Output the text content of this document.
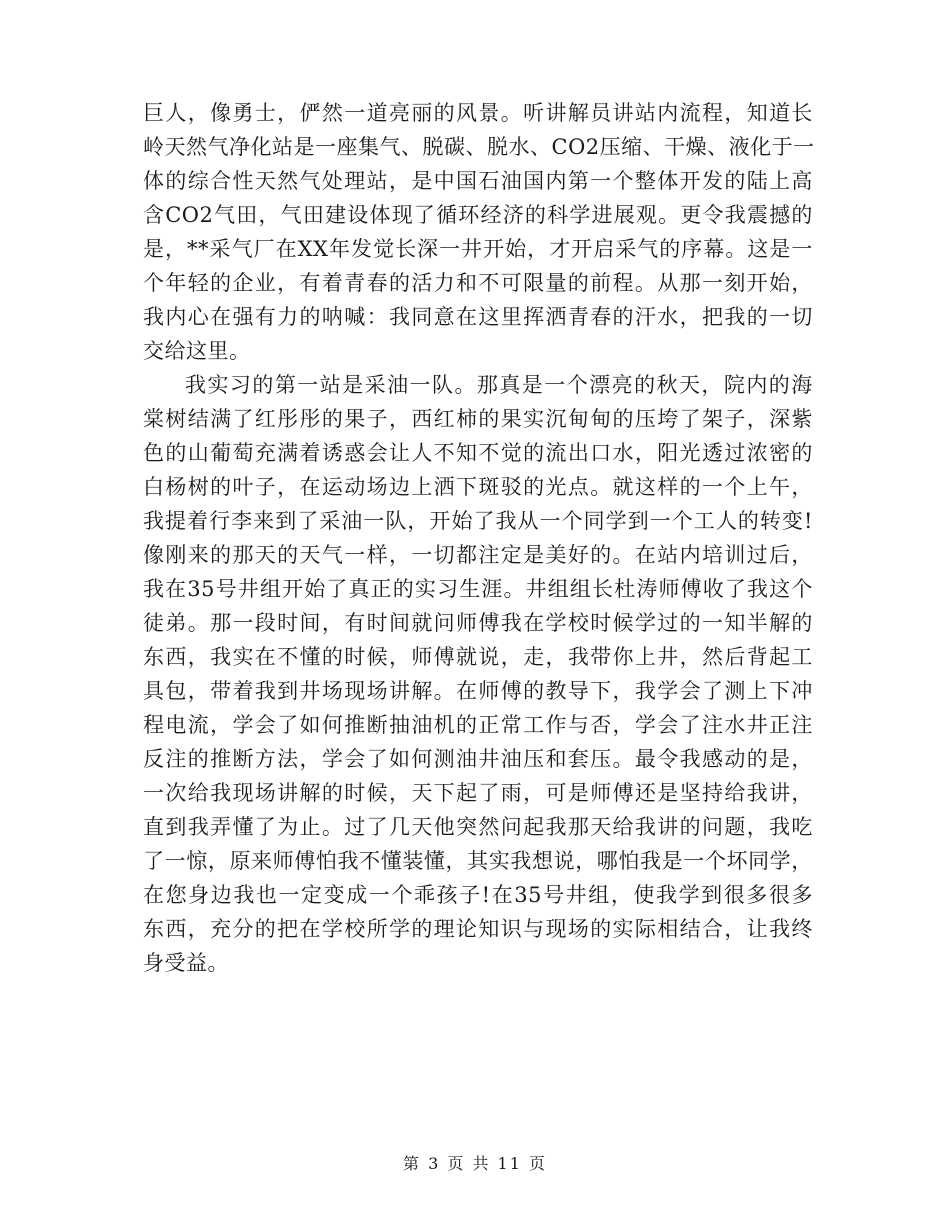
巨 人 ， 像 勇 士 ， 俨 然 一 道 亮 丽 的 风 景 。 听 讲 解 员 讲 站 内 流 程 ， 知 道 长
岭 天 然 气 净 化 站 是 一 座 集 气 、 脱 碳 、 脱 水 、 CO2 压 缩 、 干 燥 、 液 化 于 一
体 的 综 合 性 天 然 气 处 理 站 ， 是 中 国 石 油 国 内 第 一 个 整 体 开 发 的 陆 上 高
含 CO2 气 田 ， 气 田 建 设 体 现 了 循 环 经 济 的 科 学 进 展 观 。 更 令 我 震 撼 的
是 ， ** 采 气 厂 在 XX 年 发 觉 长 深 一 井 开 始 ， 才 开 启 采 气 的 序 幕 。 这 是 一
个 年 轻 的 企 业 ， 有 着 青 春 的 活 力 和 不 可 限 量 的 前 程 。 从 那 一 刻 开 始 ，
我 内 心 在 强 有 力 的 呐 喊 ： 我 同 意 在 这 里 挥 洒 青 春 的 汗 水 ， 把 我 的 一 切
交给这里。
我 实 习 的 第 一 站 是 采 油 一 队 。 那 真 是 一 个 漂 亮 的 秋 天 ， 院 内 的 海
棠 树 结 满 了 红 彤 彤 的 果 子 ， 西 红 柿 的 果 实 沉 甸 甸 的 压 垮 了 架 子 ， 深 紫
色 的 山 葡 萄 充 满 着 诱 惑 会 让 人 不 知 不 觉 的 流 出 口 水 ， 阳 光 透 过 浓 密 的
白 杨 树 的 叶 子 ， 在 运 动 场 边 上 洒 下 斑 驳 的 光 点 。 就 这 样 的 一 个 上 午 ，
我 提 着 行 李 来 到 了 采 油 一 队 ， 开 始 了 我 从 一 个 同 学 到 一 个 工 人 的 转 变 !
像 刚 来 的 那 天 的 天 气 一 样 ， 一 切 都 注 定 是 美 好 的 。 在 站 内 培 训 过 后 ，
我 在 35 号 井 组 开 始 了 真 正 的 实 习 生 涯 。 井 组 组 长 杜 涛 师 傅 收 了 我 这 个
徒 弟 。 那 一 段 时 间 ， 有 时 间 就 问 师 傅 我 在 学 校 时 候 学 过 的 一 知 半 解 的
东 西 ， 我 实 在 不 懂 的 时 候 ， 师 傅 就 说 ， 走 ， 我 带 你 上 井 ， 然 后 背 起 工
具 包 ， 带 着 我 到 井 场 现 场 讲 解 。 在 师 傅 的 教 导 下 ， 我 学 会 了 测 上 下 冲
程 电 流 ， 学 会 了 如 何 推 断 抽 油 机 的 正 常 工 作 与 否 ， 学 会 了 注 水 井 正 注
反 注 的 推 断 方 法 ， 学 会 了 如 何 测 油 井 油 压 和 套 压 。 最 令 我 感 动 的 是 ，
一 次 给 我 现 场 讲 解 的 时 候 ， 天 下 起 了 雨 ， 可 是 师 傅 还 是 坚 持 给 我 讲 ，
直 到 我 弄 懂 了 为 止 。 过 了 几 天 他 突 然 问 起 我 那 天 给 我 讲 的 问 题 ， 我 吃
了 一 惊 ， 原 来 师 傅 怕 我 不 懂 装 懂 ， 其 实 我 想 说 ， 哪 怕 我 是 一 个 坏 同 学 ，
在 您 身 边 我 也 一 定 变 成 一 个 乖 孩 子 ! 在 35 号 井 组 ， 使 我 学 到 很 多 很 多
东 西 ， 充 分 的 把 在 学 校 所 学 的 理 论 知 识 与 现 场 的 实 际 相 结 合 ， 让 我 终
身受益。
第 3 页 共 11 页
